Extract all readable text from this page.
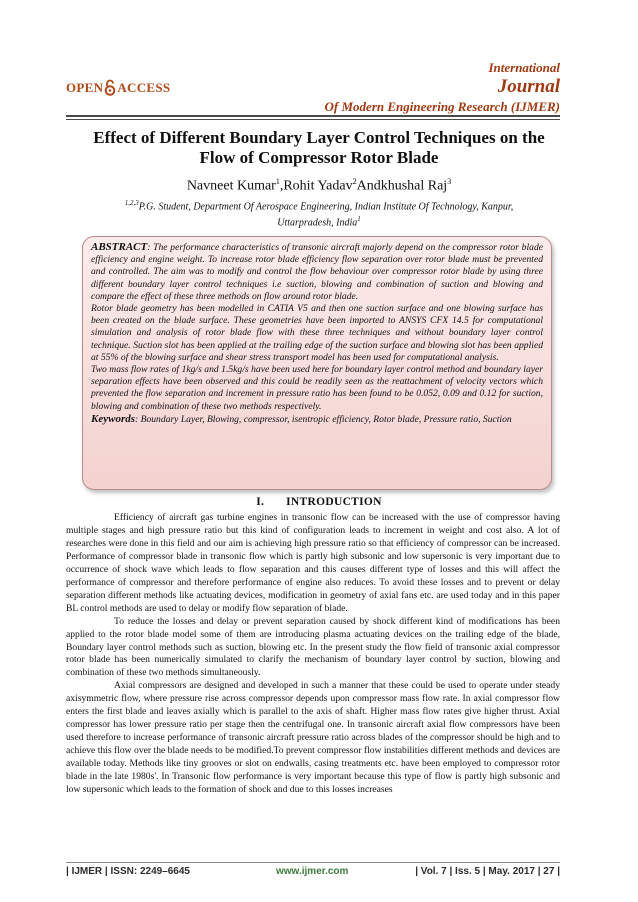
OPEN ACCESS
International
Journal
Of Modern Engineering Research (IJMER)
Effect of Different Boundary Layer Control Techniques on the
Flow of Compressor Rotor Blade
Navneet Kumar$^1$,Rohit Yadav$^2$Andkhushal Raj$^3$
$^{1,2,3}$P.G. Student, Department Of Aerospace Engineering, Indian Institute Of Technology, Kanpur,
Uttarpradesh, India$^1$

ABSTRACT: The performance characteristics of transonic aircraft majorly depend on the compressor rotor blade efficiency and engine weight. To increase rotor blade efficiency flow separation over rotor blade must be prevented and controlled. The aim was to modify and control the flow behaviour over compressor rotor blade by using three different boundary layer control techniques i.e suction, blowing and combination of suction and blowing and compare the effect of these three methods on flow around rotor blade.

Rotor blade geometry has been modelled in CATIA V5 and then one suction surface and one blowing surface has been created on the blade surface. These geometries have been imported to ANSYS CFX 14.5 for computational simulation and analysis of rotor blade flow with these three techniques and without boundary layer control technique. Suction slot has been applied at the trailing edge of the suction surface and blowing slot has been applied at 55% of the blowing surface and shear stress transport model has been used for computational analysis.

Two mass flow rates of 1kg/s and 1.5kg/s have been used here for boundary layer control method and boundary layer separation effects have been observed and this could be readily seen as the reattachment of velocity vectors which prevented the flow separation and increment in pressure ratio has been found to be 0.052, 0.09 and 0.12 for suction, blowing and combination of these two methods respectively.

Keywords: Boundary Layer, Blowing, compressor, isentropic efficiency, Rotor blade, Pressure ratio, Suction

I. INTRODUCTION

Efficiency of aircraft gas turbine engines in transonic flow can be increased with the use of compressor having multiple stages and high pressure ratio but this kind of configuration leads to increment in weight and cost also. A lot of researches were done in this field and our aim is achieving high pressure ratio so that efficiency of compressor can be increased. Performance of compressor blade in transonic flow which is partly high subsonic and low supersonic is very important due to occurrence of shock wave which leads to flow separation and this causes different type of losses and this will affect the performance of compressor and therefore performance of engine also reduces. To avoid these losses and to prevent or delay separation different methods like actuating devices, modification in geometry of axial fans etc. are used today and in this paper BL control methods are used to delay or modify flow separation of blade.

To reduce the losses and delay or prevent separation caused by shock different kind of modifications has been applied to the rotor blade model some of them are introducing plasma actuating devices on the trailing edge of the blade, Boundary layer control methods such as suction, blowing etc. In the present study the flow field of transonic axial compressor rotor blade has been numerically simulated to clarify the mechanism of boundary layer control by suction, blowing and combination of these two methods simultaneously.

Axial compressors are designed and developed in such a manner that these could be used to operate under steady axisymmetric flow, where pressure rise across compressor depends upon compressor mass flow rate. In axial compressor flow enters the first blade and leaves axially which is parallel to the axis of shaft. Higher mass flow rates give higher thrust. Axial compressor has lower pressure ratio per stage then the centrifugal one. In transonic aircraft axial flow compressors have been used therefore to increase performance of transonic aircraft pressure ratio across blades of the compressor should be high and to achieve this flow over the blade needs to be modified.To prevent compressor flow instabilities different methods and devices are available today. Methods like tiny grooves or slot on endwalls, casing treatments etc. have been employed to compressor rotor blade in the late 1980s'. In Transonic flow performance is very important because this type of flow is partly high subsonic and low supersonic which leads to the formation of shock and due to this losses increases

| IJMER | ISSN: 2249–6645	www.ijmer.com	| Vol. 7 | Iss. 5 | May. 2017 | 27 |
